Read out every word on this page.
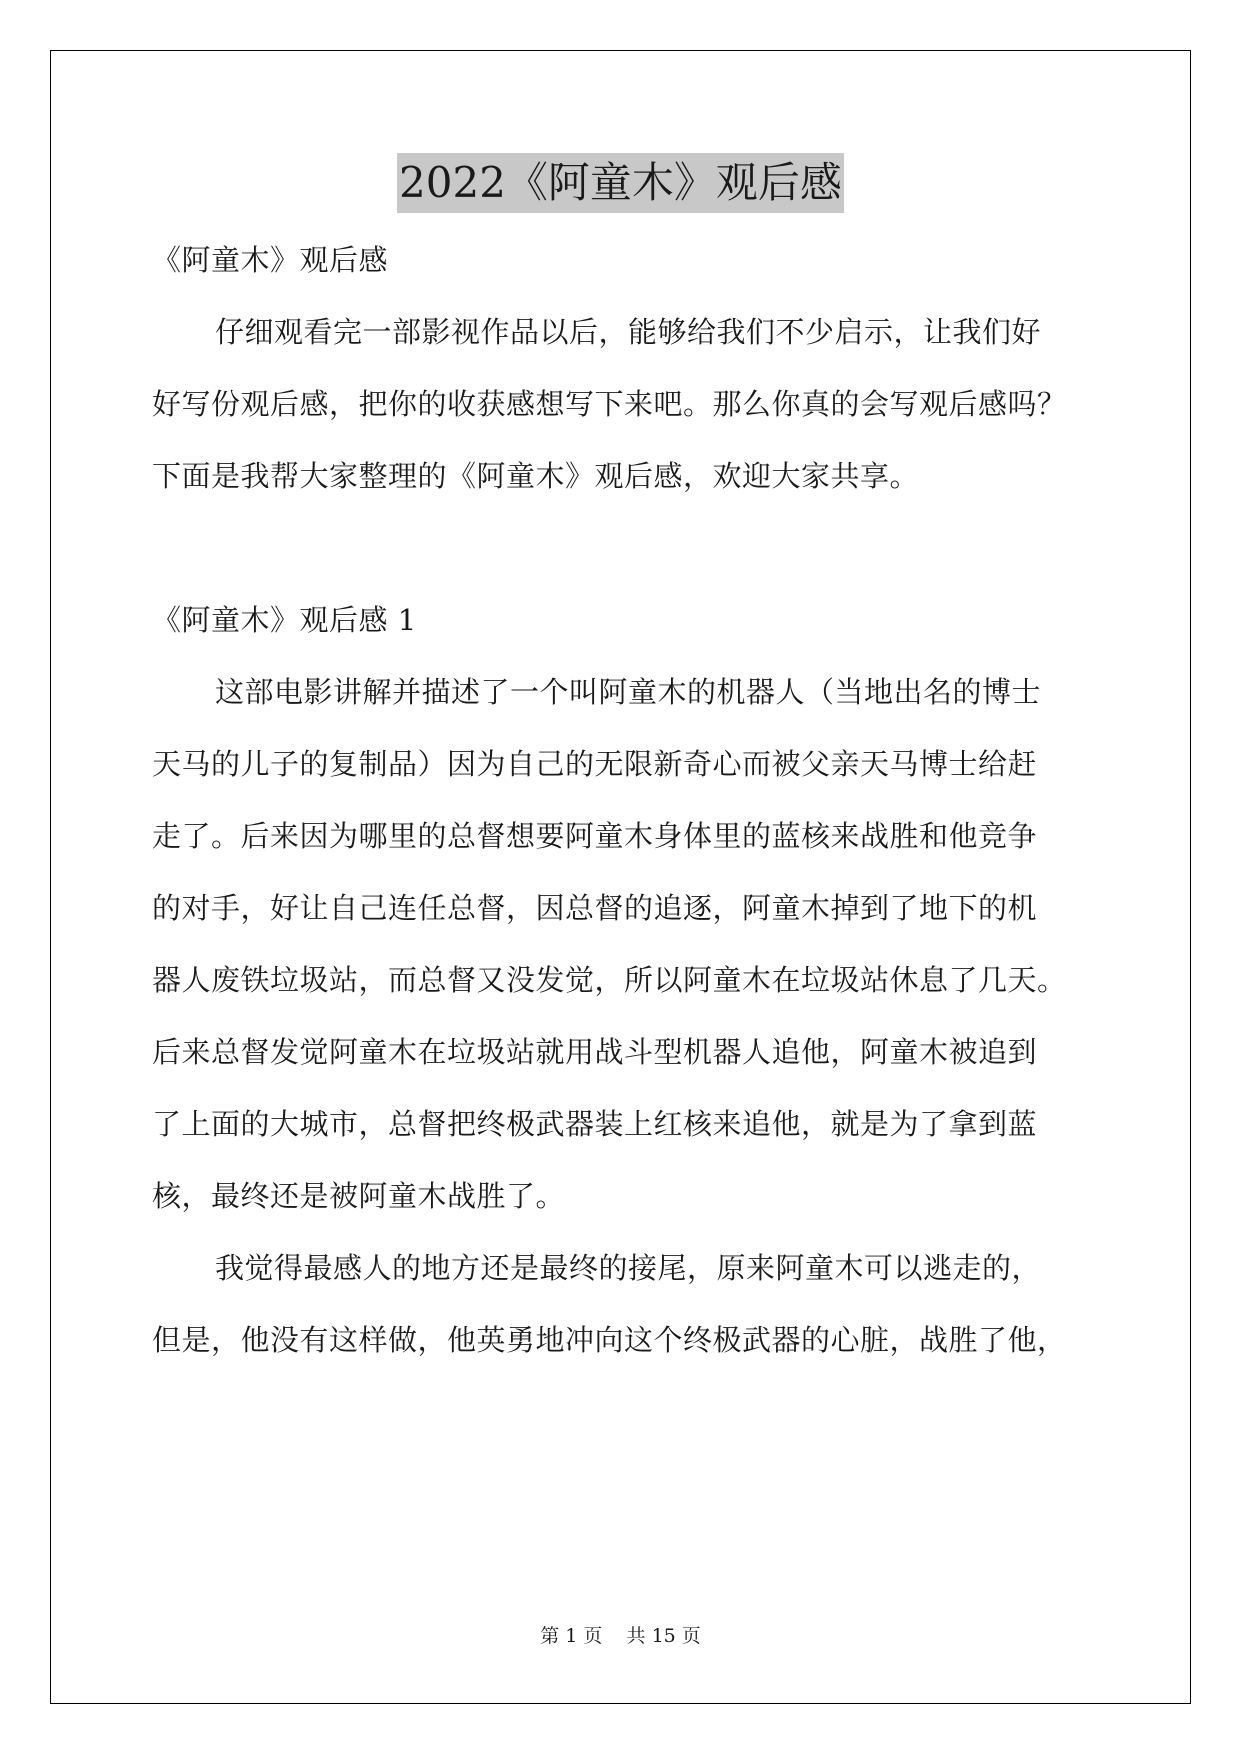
2022《阿童木》观后感
《阿童木》观后感
仔细观看完一部影视作品以后，能够给我们不少启示，让我们好
好写份观后感，把你的收获感想写下来吧。那么你真的会写观后感吗？
下面是我帮大家整理的《阿童木》观后感，欢迎大家共享。
《阿童木》观后感 1
这部电影讲解并描述了一个叫阿童木的机器人（当地出名的博士
天马的儿子的复制品）因为自己的无限新奇心而被父亲天马博士给赶
走了。后来因为哪里的总督想要阿童木身体里的蓝核来战胜和他竞争
的对手，好让自己连任总督，因总督的追逐，阿童木掉到了地下的机
器人废铁垃圾站，而总督又没发觉，所以阿童木在垃圾站休息了几天。
后来总督发觉阿童木在垃圾站就用战斗型机器人追他，阿童木被追到
了上面的大城市，总督把终极武器装上红核来追他，就是为了拿到蓝
核，最终还是被阿童木战胜了。
我觉得最感人的地方还是最终的接尾，原来阿童木可以逃走的，
但是，他没有这样做，他英勇地冲向这个终极武器的心脏，战胜了他，
第 1 页 共 15 页
